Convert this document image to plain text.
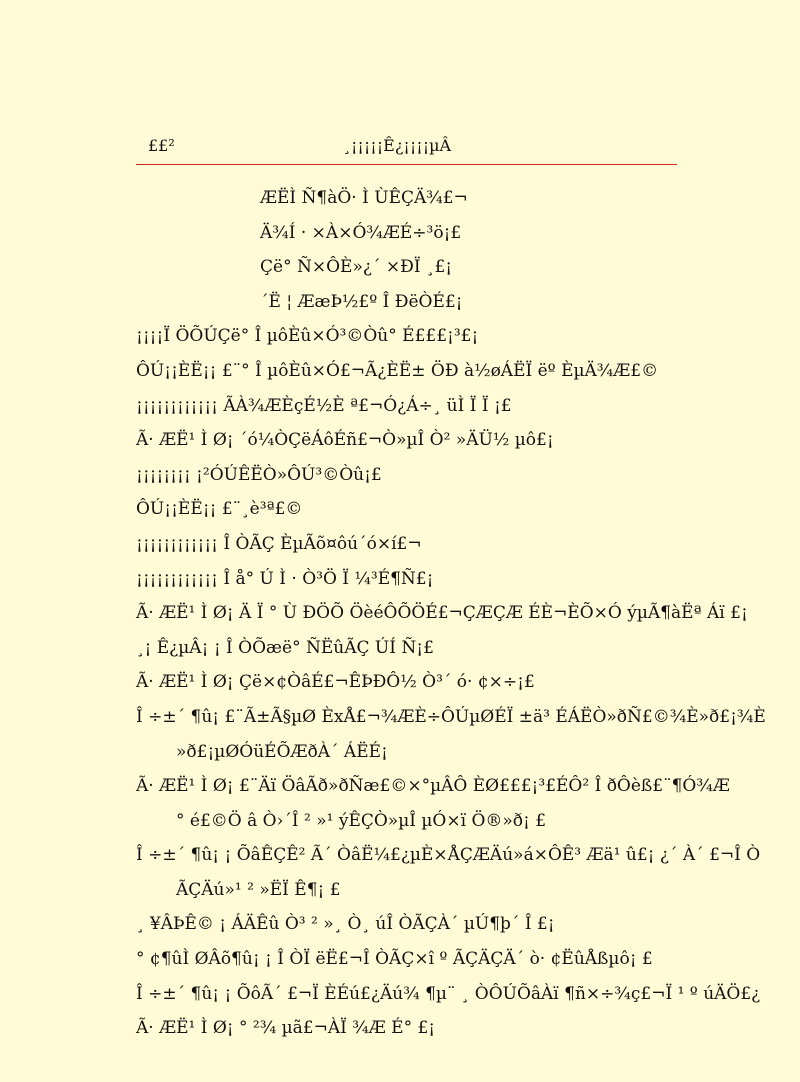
££²	¸¡¡¡¡¡Ê¿¡¡¡¡µÂ
ÆËÌ Ñ¶àÖ· Ì ÙÊÇÄ¾£¬
Ä¾Í · ×À×Ó¾ÆÉ÷³ö¡£
Çë° Ñ×ÔÈ»¿´ ×ÐÏ ¸£¡
´Ë ¦ ÆæÞ½£º Î ÐëÒÉ£¡
¡¡¡¡Ï ÖÕÚÇë° Î µôÈû×Ó³©Òû° É£££¡³£¡
ÔÚ¡¡ÈË¡¡ £¨° Î µôÈû×Ó£¬Ã¿ÈË± ÖÐ à½øÁËÏ ëº ÈµÄ¾Æ£©
¡¡¡¡¡¡¡¡¡¡¡¡ ÃÀ¾ÆÈçÉ½È ª£¬Ó¿Á÷¸ üÌ Ï Ï ¡£
Ã· ÆË¹ Ì Ø¡ ´ó¼ÒÇëÁôÉñ£¬Ò»µÎ Ò² »ÄÜ½ µô£¡
¡¡¡¡¡¡¡¡ ¡²ÓÚÊËÒ»ÔÚ³©Òû¡£
ÔÚ¡¡ÈË¡¡ £¨¸è³ª£©
¡¡¡¡¡¡¡¡¡¡¡¡ Î ÒÃÇ ÈµÃõ¤ôú´ó×í£¬
¡¡¡¡¡¡¡¡¡¡¡¡ Î å° Ú Ì · Ò³Ö Ï ¼³É¶Ñ£¡
Ã· ÆË¹ Ì Ø¡ Ä Ï ° Ù ÐÖÕ ÖèéÔÕÖÉ£¬ÇÆÇÆ ÉÈ¬ÈÕ×Ó ýµÃ¶àËª Áï £¡
¸¡ Ê¿µÂ¡ ¡ Î ÒÕæë° ÑËûÃÇ ÚÍ Ñ¡£
Ã· ÆË¹ Ì Ø¡ Çë×¢ÒâÉ£¬ÊÞÐÔ½ Ò³´ ó· ¢×÷¡£
Î ÷±´ ¶û¡ £¨Ã±Ã§µØ ÈxÅ£¬¾ÆÈ÷ÔÚµØÉÏ ±ä³ ÉÁËÒ»ðÑ£©¾È»ð£¡¾È
»ð£¡µØÓüÉÕÆðÀ´ ÁËÉ¡
Ã· ÆË¹ Ì Ø¡ £¨Äï ÖâÃð»ðÑæ£©×°µÂÔ ÈØ£££¡³£ÉÔ² Î ðÔèß£¨¶Ó¾Æ
° é£©Ö â Ò›´Î ² »¹ ýÊÇÒ»µÎ µÓ×ï Ö®»ð¡ £
Î ÷±´ ¶û¡ ¡ ÕâÊÇÊ² Ã´ ÒâË¼£¿µÈ×ÅÇÆÄú»á×ÔÊ³ Æä¹ û£¡ ¿´ À´ £¬Î Ò
ÃÇÄú»¹ ² »ËÏ Ê¶¡ £
¸ ¥ÂÞÊ© ¡ ÁÄÊû Ò³ ² »¸ Ò¸ úÎ ÒÃÇÀ´ µÚ¶þ´ Î £¡
° ¢¶ûÌ ØÂõ¶û¡ ¡ Î ÒÏ ëË£¬Î ÒÃÇ×î º ÃÇÄÇÄ´ ò· ¢ËûÅßµô¡ £
Î ÷±´ ¶û¡ ¡ ÕôÃ´ £¬Ï ÈÉú£¿Äú¾ ¶µ¨ ¸ ÒÔÚÕâÀï ¶ñ×÷¾ç£¬Ï ¹ º úÄÖ£¿
Ã· ÆË¹ Ì Ø¡ ° ²¾ µã£¬ÀÏ ¾Æ É° £¡
